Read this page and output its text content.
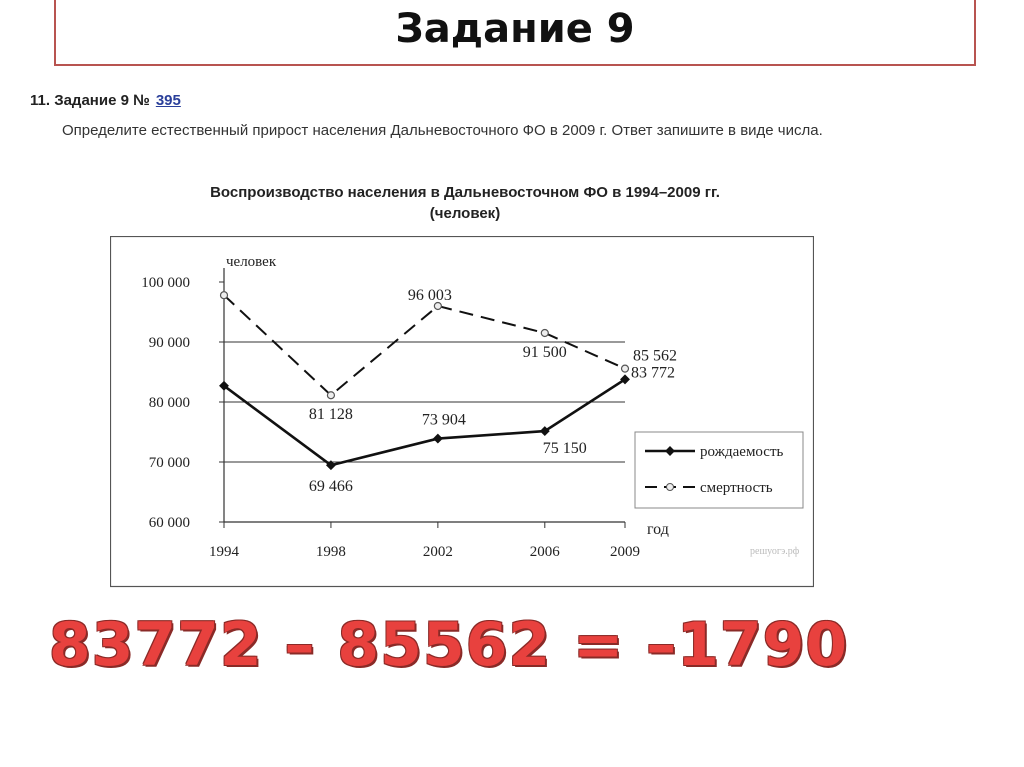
Задание 9
11. Задание 9 № 395
Определите естественный прирост населения Дальневосточного ФО в 2009 г. Ответ запишите в виде числа.
Воспроизводство населения в Дальневосточном ФО в 1994–2009 гг.
(человек)
60 000
70 000
80 000
90 000
100 000
1994	1998	2002	2006	2009
69 466
73 904
75 150
83 772
81 128
96 003
91 500	85 562
рождаемость
смертность
человек
год
решуогэ.рф
83772 – 85562 = –1790
